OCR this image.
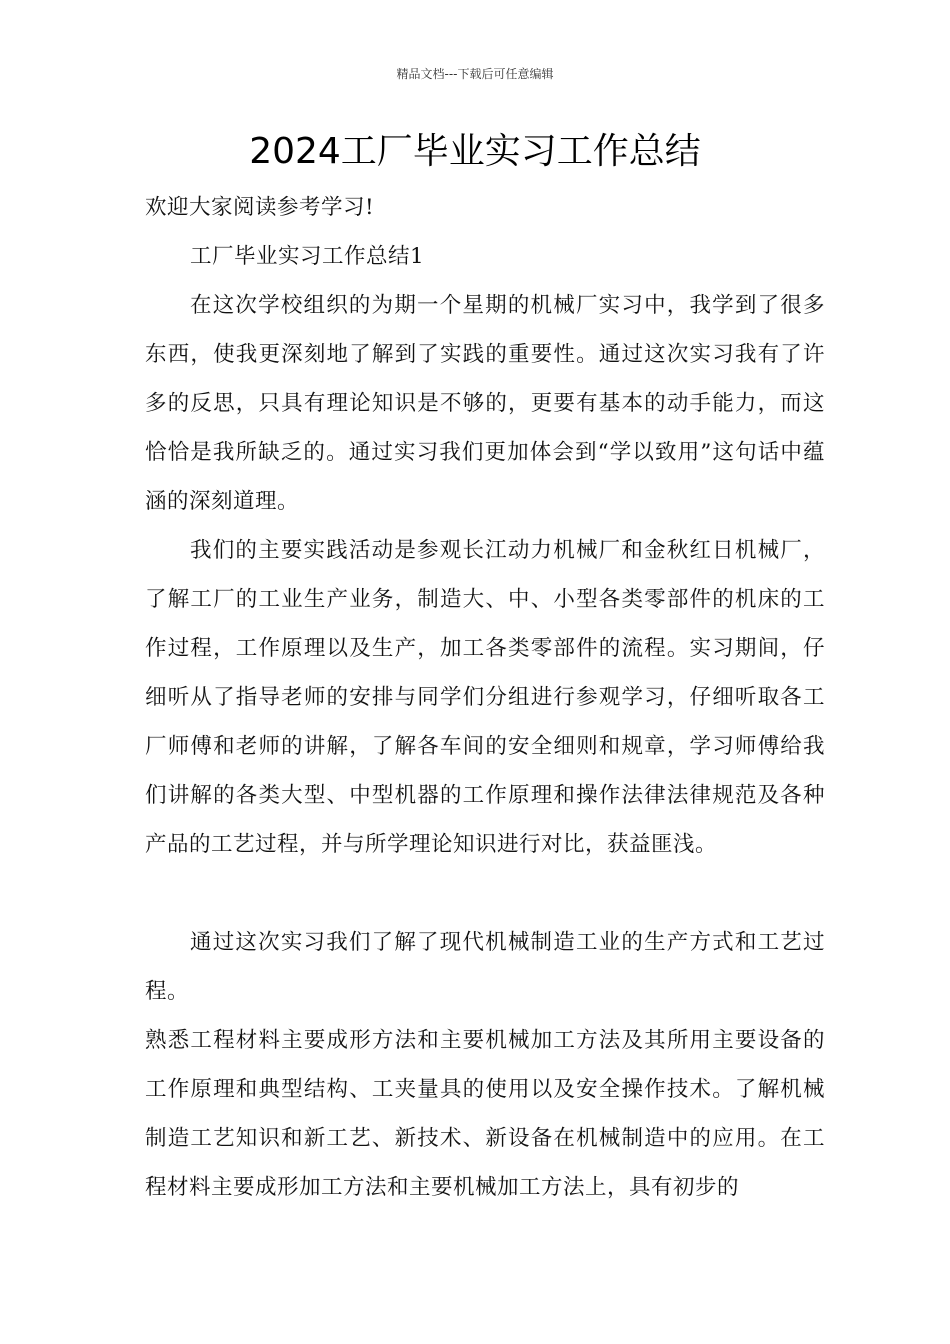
精品文档---下载后可任意编辑
2024工厂毕业实习工作总结

欢迎大家阅读参考学习!

工厂毕业实习工作总结1

在这次学校组织的为期一个星期的机械厂实习中，我学到了很多东西，使我更深刻地了解到了实践的重要性。通过这次实习我有了许多的反思，只具有理论知识是不够的，更要有基本的动手能力，而这恰恰是我所缺乏的。通过实习我们更加体会到“学以致用”这句话中蕴涵的深刻道理。

我们的主要实践活动是参观长江动力机械厂和金秋红日机械厂，了解工厂的工业生产业务，制造大、中、小型各类零部件的机床的工作过程，工作原理以及生产，加工各类零部件的流程。实习期间，仔细听从了指导老师的安排与同学们分组进行参观学习，仔细听取各工厂师傅和老师的讲解，了解各车间的安全细则和规章，学习师傅给我们讲解的各类大型、中型机器的工作原理和操作法律法律规范及各种产品的工艺过程，并与所学理论知识进行对比，获益匪浅。

通过这次实习我们了解了现代机械制造工业的生产方式和工艺过程。

熟悉工程材料主要成形方法和主要机械加工方法及其所用主要设备的工作原理和典型结构、工夹量具的使用以及安全操作技术。了解机械制造工艺知识和新工艺、新技术、新设备在机械制造中的应用。在工程材料主要成形加工方法和主要机械加工方法上，具有初步的
